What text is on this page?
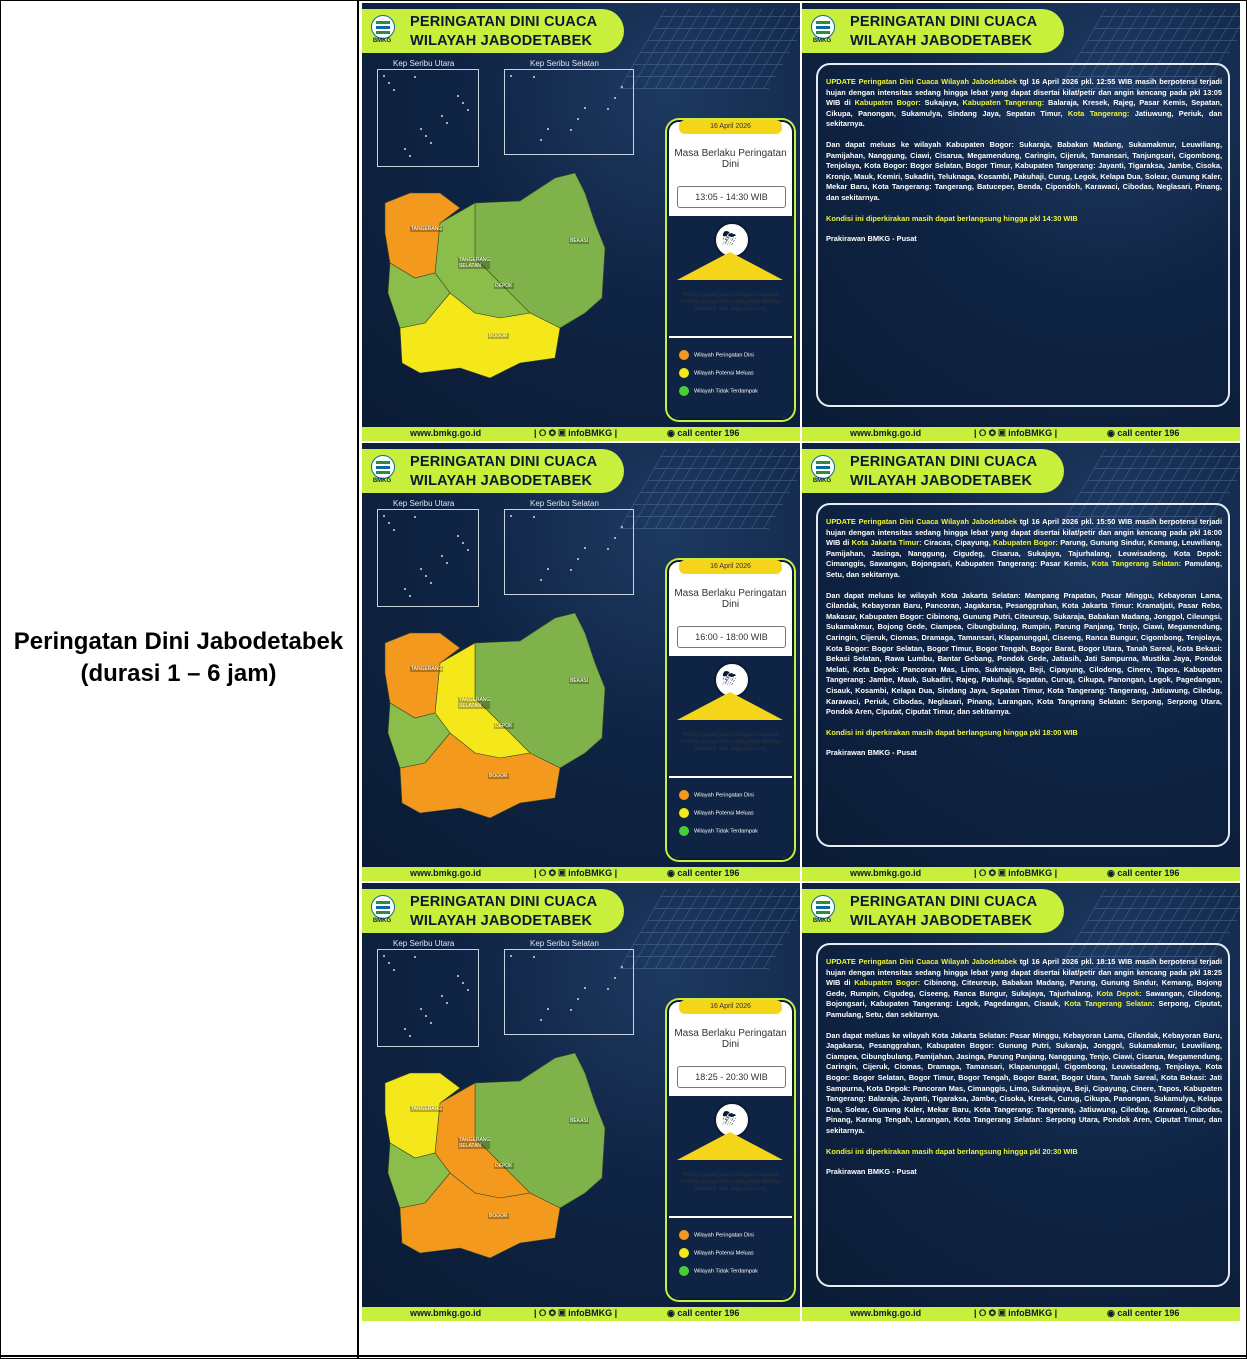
Peringatan Dini Jabodetabek
(durasi 1 – 6 jam)
BMKG
PERINGATAN DINI CUACA
WILAYAH JABODETABEK
Kep Seribu Utara	Kep Seribu Selatan
TANGERANG
TANGERANG SELATAN
DEPOK
BEKASI
BOGOR
16 April 2026
Masa Berlaku Peringatan Dini
13:05 - 14:30 WIB
⛈
Potensi terjadi hujan dengan intensitas sedang hingga lebat yang dapat disertai kilat/petir dan angin kencang
Wilayah Peringatan Dini
Wilayah Potensi Meluas
Wilayah Tidak Terdampak
www.bmkg.go.id	| ⭘ ◎ ▣ infoBMKG |	◉ call center 196
BMKG
PERINGATAN DINI CUACA
WILAYAH JABODETABEK

UPDATE Peringatan Dini Cuaca Wilayah Jabodetabek tgl 16 April 2026 pkl. 12:55 WIB masih berpotensi terjadi hujan dengan intensitas sedang hingga lebat yang dapat disertai kilat/petir dan angin kencang pada pkl 13:05 WIB di Kabupaten Bogor: Sukajaya, Kabupaten Tangerang: Balaraja, Kresek, Rajeg, Pasar Kemis, Sepatan, Cikupa, Panongan, Sukamulya, Sindang Jaya, Sepatan Timur, Kota Tangerang: Jatiuwung, Periuk, dan sekitarnya.

Dan dapat meluas ke wilayah Kabupaten Bogor: Sukaraja, Babakan Madang, Sukamakmur, Leuwiliang, Pamijahan, Nanggung, Ciawi, Cisarua, Megamendung, Caringin, Cijeruk, Tamansari, Tanjungsari, Cigombong, Tenjolaya, Kota Bogor: Bogor Selatan, Bogor Timur, Kabupaten Tangerang: Jayanti, Tigaraksa, Jambe, Cisoka, Kronjo, Mauk, Kemiri, Sukadiri, Teluknaga, Kosambi, Pakuhaji, Curug, Legok, Kelapa Dua, Solear, Gunung Kaler, Mekar Baru, Kota Tangerang: Tangerang, Batuceper, Benda, Cipondoh, Karawaci, Cibodas, Neglasari, Pinang, dan sekitarnya.

Kondisi ini diperkirakan masih dapat berlangsung hingga pkl 14:30 WIB

Prakirawan BMKG - Pusat

www.bmkg.go.id	| ⭘ ◎ ▣ infoBMKG |	◉ call center 196
BMKG
PERINGATAN DINI CUACA
WILAYAH JABODETABEK
Kep Seribu Utara	Kep Seribu Selatan
TANGERANG
TANGERANG SELATAN
DEPOK
BEKASI
BOGOR
16 April 2026
Masa Berlaku Peringatan Dini
16:00 - 18:00 WIB
⛈
Potensi terjadi hujan dengan intensitas sedang hingga lebat yang dapat disertai kilat/petir dan angin kencang
Wilayah Peringatan Dini
Wilayah Potensi Meluas
Wilayah Tidak Terdampak
www.bmkg.go.id	| ⭘ ◎ ▣ infoBMKG |	◉ call center 196
BMKG
PERINGATAN DINI CUACA
WILAYAH JABODETABEK

UPDATE Peringatan Dini Cuaca Wilayah Jabodetabek tgl 16 April 2026 pkl. 15:50 WIB masih berpotensi terjadi hujan dengan intensitas sedang hingga lebat yang dapat disertai kilat/petir dan angin kencang pada pkl 16:00 WIB di Kota Jakarta Timur: Ciracas, Cipayung, Kabupaten Bogor: Parung, Gunung Sindur, Kemang, Leuwiliang, Pamijahan, Jasinga, Nanggung, Cigudeg, Cisarua, Sukajaya, Tajurhalang, Leuwisadeng, Kota Depok: Cimanggis, Sawangan, Bojongsari, Kabupaten Tangerang: Pasar Kemis, Kota Tangerang Selatan: Pamulang, Setu, dan sekitarnya.

Dan dapat meluas ke wilayah Kota Jakarta Selatan: Mampang Prapatan, Pasar Minggu, Kebayoran Lama, Cilandak, Kebayoran Baru, Pancoran, Jagakarsa, Pesanggrahan, Kota Jakarta Timur: Kramatjati, Pasar Rebo, Makasar, Kabupaten Bogor: Cibinong, Gunung Putri, Citeureup, Sukaraja, Babakan Madang, Jonggol, Cileungsi, Sukamakmur, Bojong Gede, Ciampea, Cibungbulang, Rumpin, Parung Panjang, Tenjo, Ciawi, Megamendung, Caringin, Cijeruk, Ciomas, Dramaga, Tamansari, Klapanunggal, Ciseeng, Ranca Bungur, Cigombong, Tenjolaya, Kota Bogor: Bogor Selatan, Bogor Timur, Bogor Tengah, Bogor Barat, Bogor Utara, Tanah Sareal, Kota Bekasi: Bekasi Selatan, Rawa Lumbu, Bantar Gebang, Pondok Gede, Jatiasih, Jati Sampurna, Mustika Jaya, Pondok Melati, Kota Depok: Pancoran Mas, Limo, Sukmajaya, Beji, Cipayung, Cilodong, Cinere, Tapos, Kabupaten Tangerang: Jambe, Mauk, Sukadiri, Rajeg, Pakuhaji, Sepatan, Curug, Cikupa, Panongan, Legok, Pagedangan, Cisauk, Kosambi, Kelapa Dua, Sindang Jaya, Sepatan Timur, Kota Tangerang: Tangerang, Jatiuwung, Ciledug, Karawaci, Periuk, Cibodas, Neglasari, Pinang, Larangan, Kota Tangerang Selatan: Serpong, Serpong Utara, Pondok Aren, Ciputat, Ciputat Timur, dan sekitarnya.

Kondisi ini diperkirakan masih dapat berlangsung hingga pkl 18:00 WIB

Prakirawan BMKG - Pusat

www.bmkg.go.id	| ⭘ ◎ ▣ infoBMKG |	◉ call center 196
BMKG
PERINGATAN DINI CUACA
WILAYAH JABODETABEK
Kep Seribu Utara	Kep Seribu Selatan
TANGERANG
TANGERANG SELATAN
DEPOK
BEKASI
BOGOR
16 April 2026
Masa Berlaku Peringatan Dini
18:25 - 20:30 WIB
⛈
Potensi terjadi hujan dengan intensitas sedang hingga lebat yang dapat disertai kilat/petir dan angin kencang
Wilayah Peringatan Dini
Wilayah Potensi Meluas
Wilayah Tidak Terdampak
www.bmkg.go.id	| ⭘ ◎ ▣ infoBMKG |	◉ call center 196
BMKG
PERINGATAN DINI CUACA
WILAYAH JABODETABEK

UPDATE Peringatan Dini Cuaca Wilayah Jabodetabek tgl 16 April 2026 pkl. 18:15 WIB masih berpotensi terjadi hujan dengan intensitas sedang hingga lebat yang dapat disertai kilat/petir dan angin kencang pada pkl 18:25 WIB di Kabupaten Bogor: Cibinong, Citeureup, Babakan Madang, Parung, Gunung Sindur, Kemang, Bojong Gede, Rumpin, Cigudeg, Ciseeng, Ranca Bungur, Sukajaya, Tajurhalang, Kota Depok: Sawangan, Cilodong, Bojongsari, Kabupaten Tangerang: Legok, Pagedangan, Cisauk, Kota Tangerang Selatan: Serpong, Ciputat, Pamulang, Setu, dan sekitarnya.

Dan dapat meluas ke wilayah Kota Jakarta Selatan: Pasar Minggu, Kebayoran Lama, Cilandak, Kebayoran Baru, Jagakarsa, Pesanggrahan, Kabupaten Bogor: Gunung Putri, Sukaraja, Jonggol, Sukamakmur, Leuwiliang, Ciampea, Cibungbulang, Pamijahan, Jasinga, Parung Panjang, Nanggung, Tenjo, Ciawi, Cisarua, Megamendung, Caringin, Cijeruk, Ciomas, Dramaga, Tamansari, Klapanunggal, Cigombong, Leuwisadeng, Tenjolaya, Kota Bogor: Bogor Selatan, Bogor Timur, Bogor Tengah, Bogor Barat, Bogor Utara, Tanah Sareal, Kota Bekasi: Jati Sampurna, Kota Depok: Pancoran Mas, Cimanggis, Limo, Sukmajaya, Beji, Cipayung, Cinere, Tapos, Kabupaten Tangerang: Balaraja, Jayanti, Tigaraksa, Jambe, Cisoka, Kresek, Curug, Cikupa, Panongan, Sukamulya, Kelapa Dua, Solear, Gunung Kaler, Mekar Baru, Kota Tangerang: Tangerang, Jatiuwung, Ciledug, Karawaci, Cibodas, Pinang, Karang Tengah, Larangan, Kota Tangerang Selatan: Serpong Utara, Pondok Aren, Ciputat Timur, dan sekitarnya.

Kondisi ini diperkirakan masih dapat berlangsung hingga pkl 20:30 WIB

Prakirawan BMKG - Pusat

www.bmkg.go.id	| ⭘ ◎ ▣ infoBMKG |	◉ call center 196
